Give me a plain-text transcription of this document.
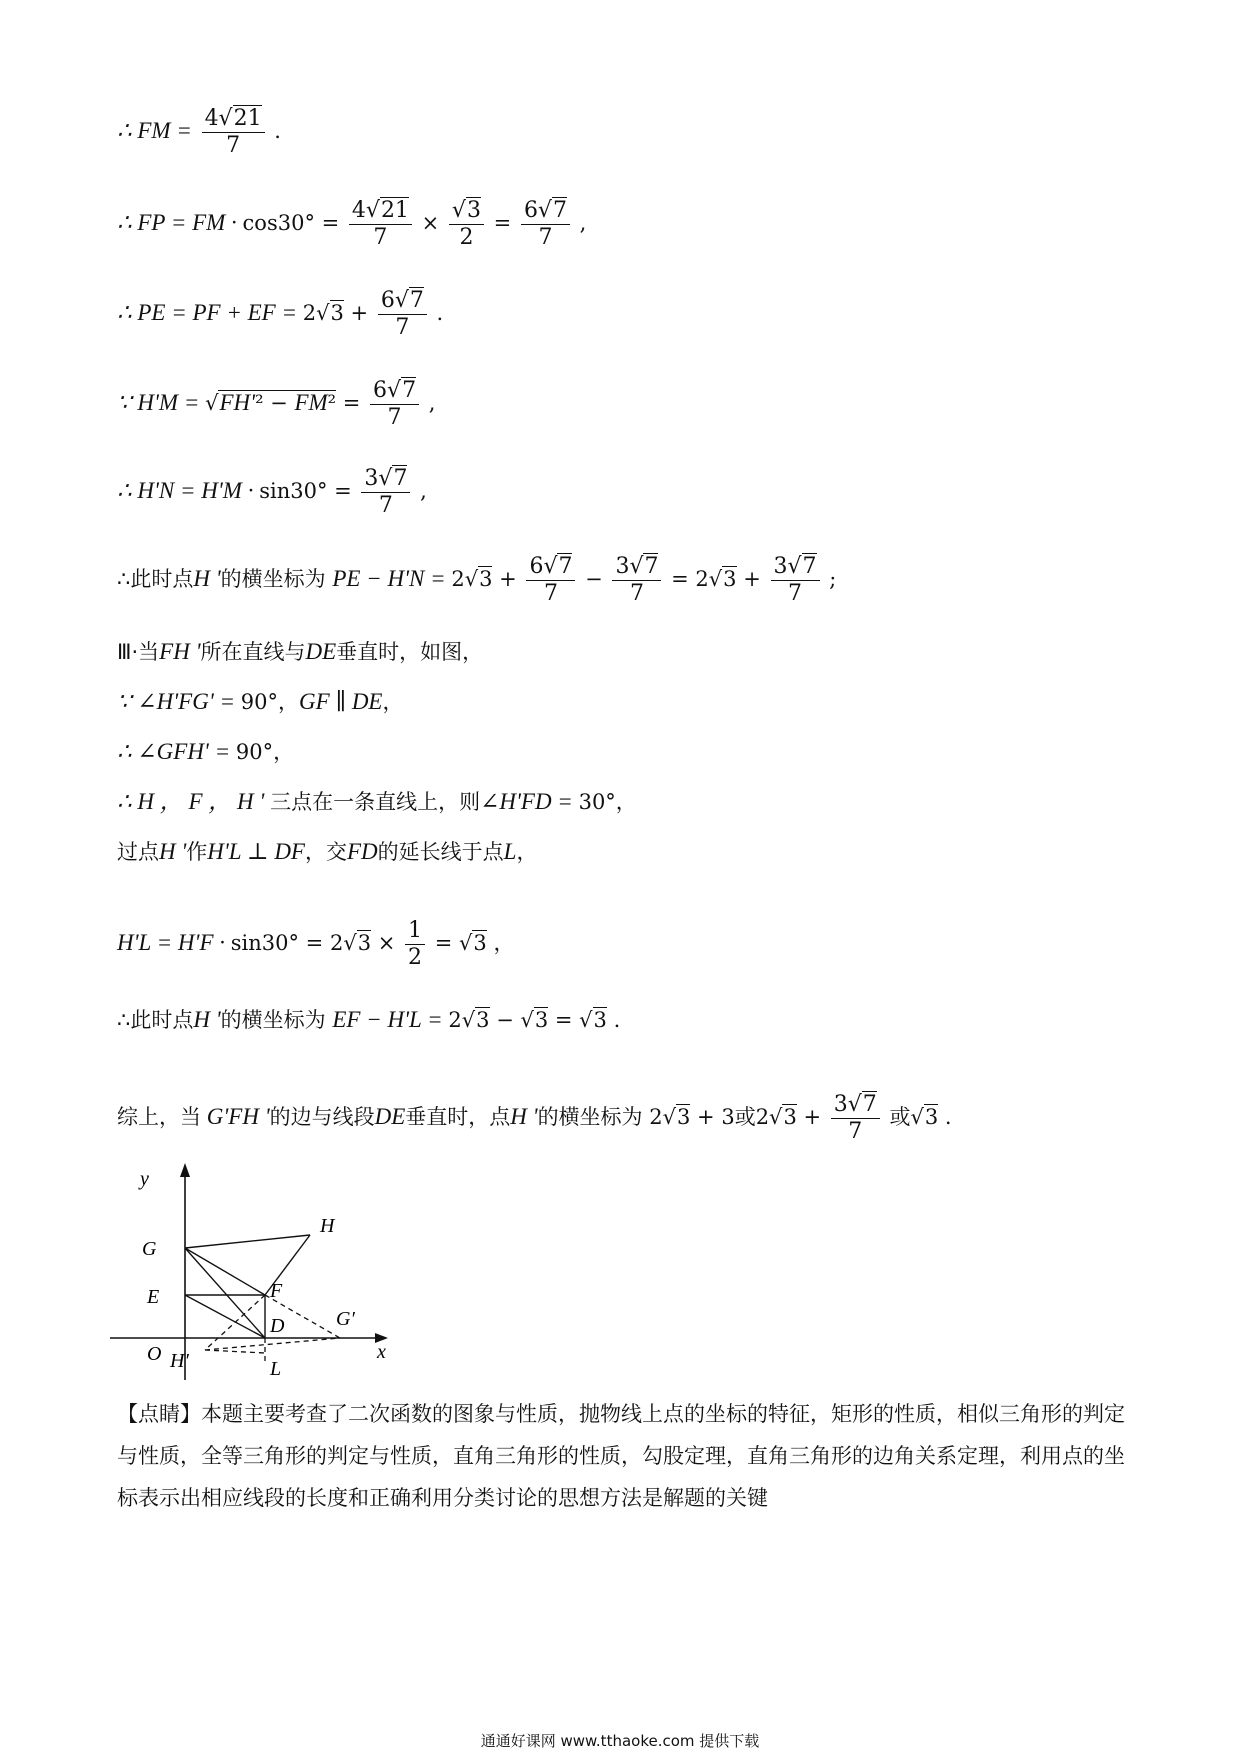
∴ FM = $\frac{4√21}{7}$ .
∴ FP = FM · $\cos 30^\circ = \frac{4√21}{7} \times \frac{√3}{2} = \frac{6√7}{7}$ ,
∴ PE = PF + EF = $2√3 + \frac{6√7}{7}$ .
∵ $H'M = √FH'^2 - FM^2 = \frac{6√7}{7}$ ,
∴ $H'N = H'M \cdot \sin 30^\circ = \frac{3√7}{7}$ ,
∴此时点H '的横坐标为 PE − $H'N = 2√3 + \frac{6√7}{7} - \frac{3√7}{7} = 2√3 + \frac{3√7}{7}$ ;
Ⅲ·当FH '所在直线与DE垂直时，如图，
∵ ∠H'FG' = 90°，GF ∥ DE，
∴ ∠GFH' = 90°，
∴ H ， F ， H ' 三点在一条直线上，则∠H'FD = 30°，
过点H '作H'L ⊥ DF，交FD的延长线于点L，
$H'L = H'F \cdot \sin 30^\circ = 2√3 \times \frac{1}{2} = √3$ ，
∴此时点H '的横坐标为 EF − H'L = 2√3 − √3 = √3 .
综上，当 G'FH '的边与线段DE垂直时，点H '的横坐标为 2√3 + 3或$2√3 + \frac{3√7}{7}$ 或√3 .
y
x
O
G
H
E	F
D	G′
H′	L
【点睛】本题主要考查了二次函数的图象与性质，抛物线上点的坐标的特征，矩形的性质，相似三角形的判定与性质，全等三角形的判定与性质，直角三角形的性质，勾股定理，直角三角形的边角关系定理，利用点的坐标表示出相应线段的长度和正确利用分类讨论的思想方法是解题的关键
通通好课网 www.tthaoke.com 提供下载
